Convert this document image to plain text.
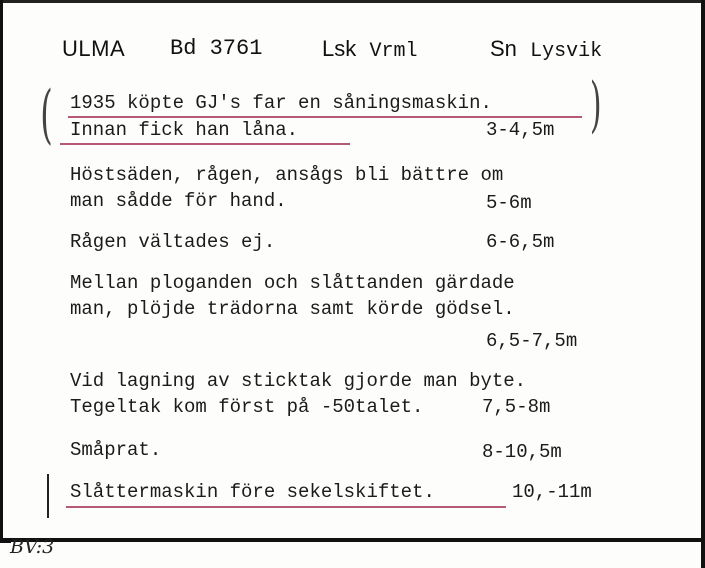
ULMA Bd 3761	Lsk Vrml	Sn Lysvik
(	)
1935 köpte GJ's far en såningsmaskin.
Innan fick han låna.	3-4,5m
Höstsäden, rågen, ansågs bli bättre om
man sådde för hand.	5-6m
Rågen vältades ej.	6-6,5m
Mellan ploganden och slåttanden gärdade
man, plöjde trädorna samt körde gödsel.
6,5-7,5m
Vid lagning av sticktak gjorde man byte.
Tegeltak kom först på -50talet.	7,5-8m
Småprat.	8-10,5m
Slåttermaskin före sekelskiftet.	10,-11m
BV:3
